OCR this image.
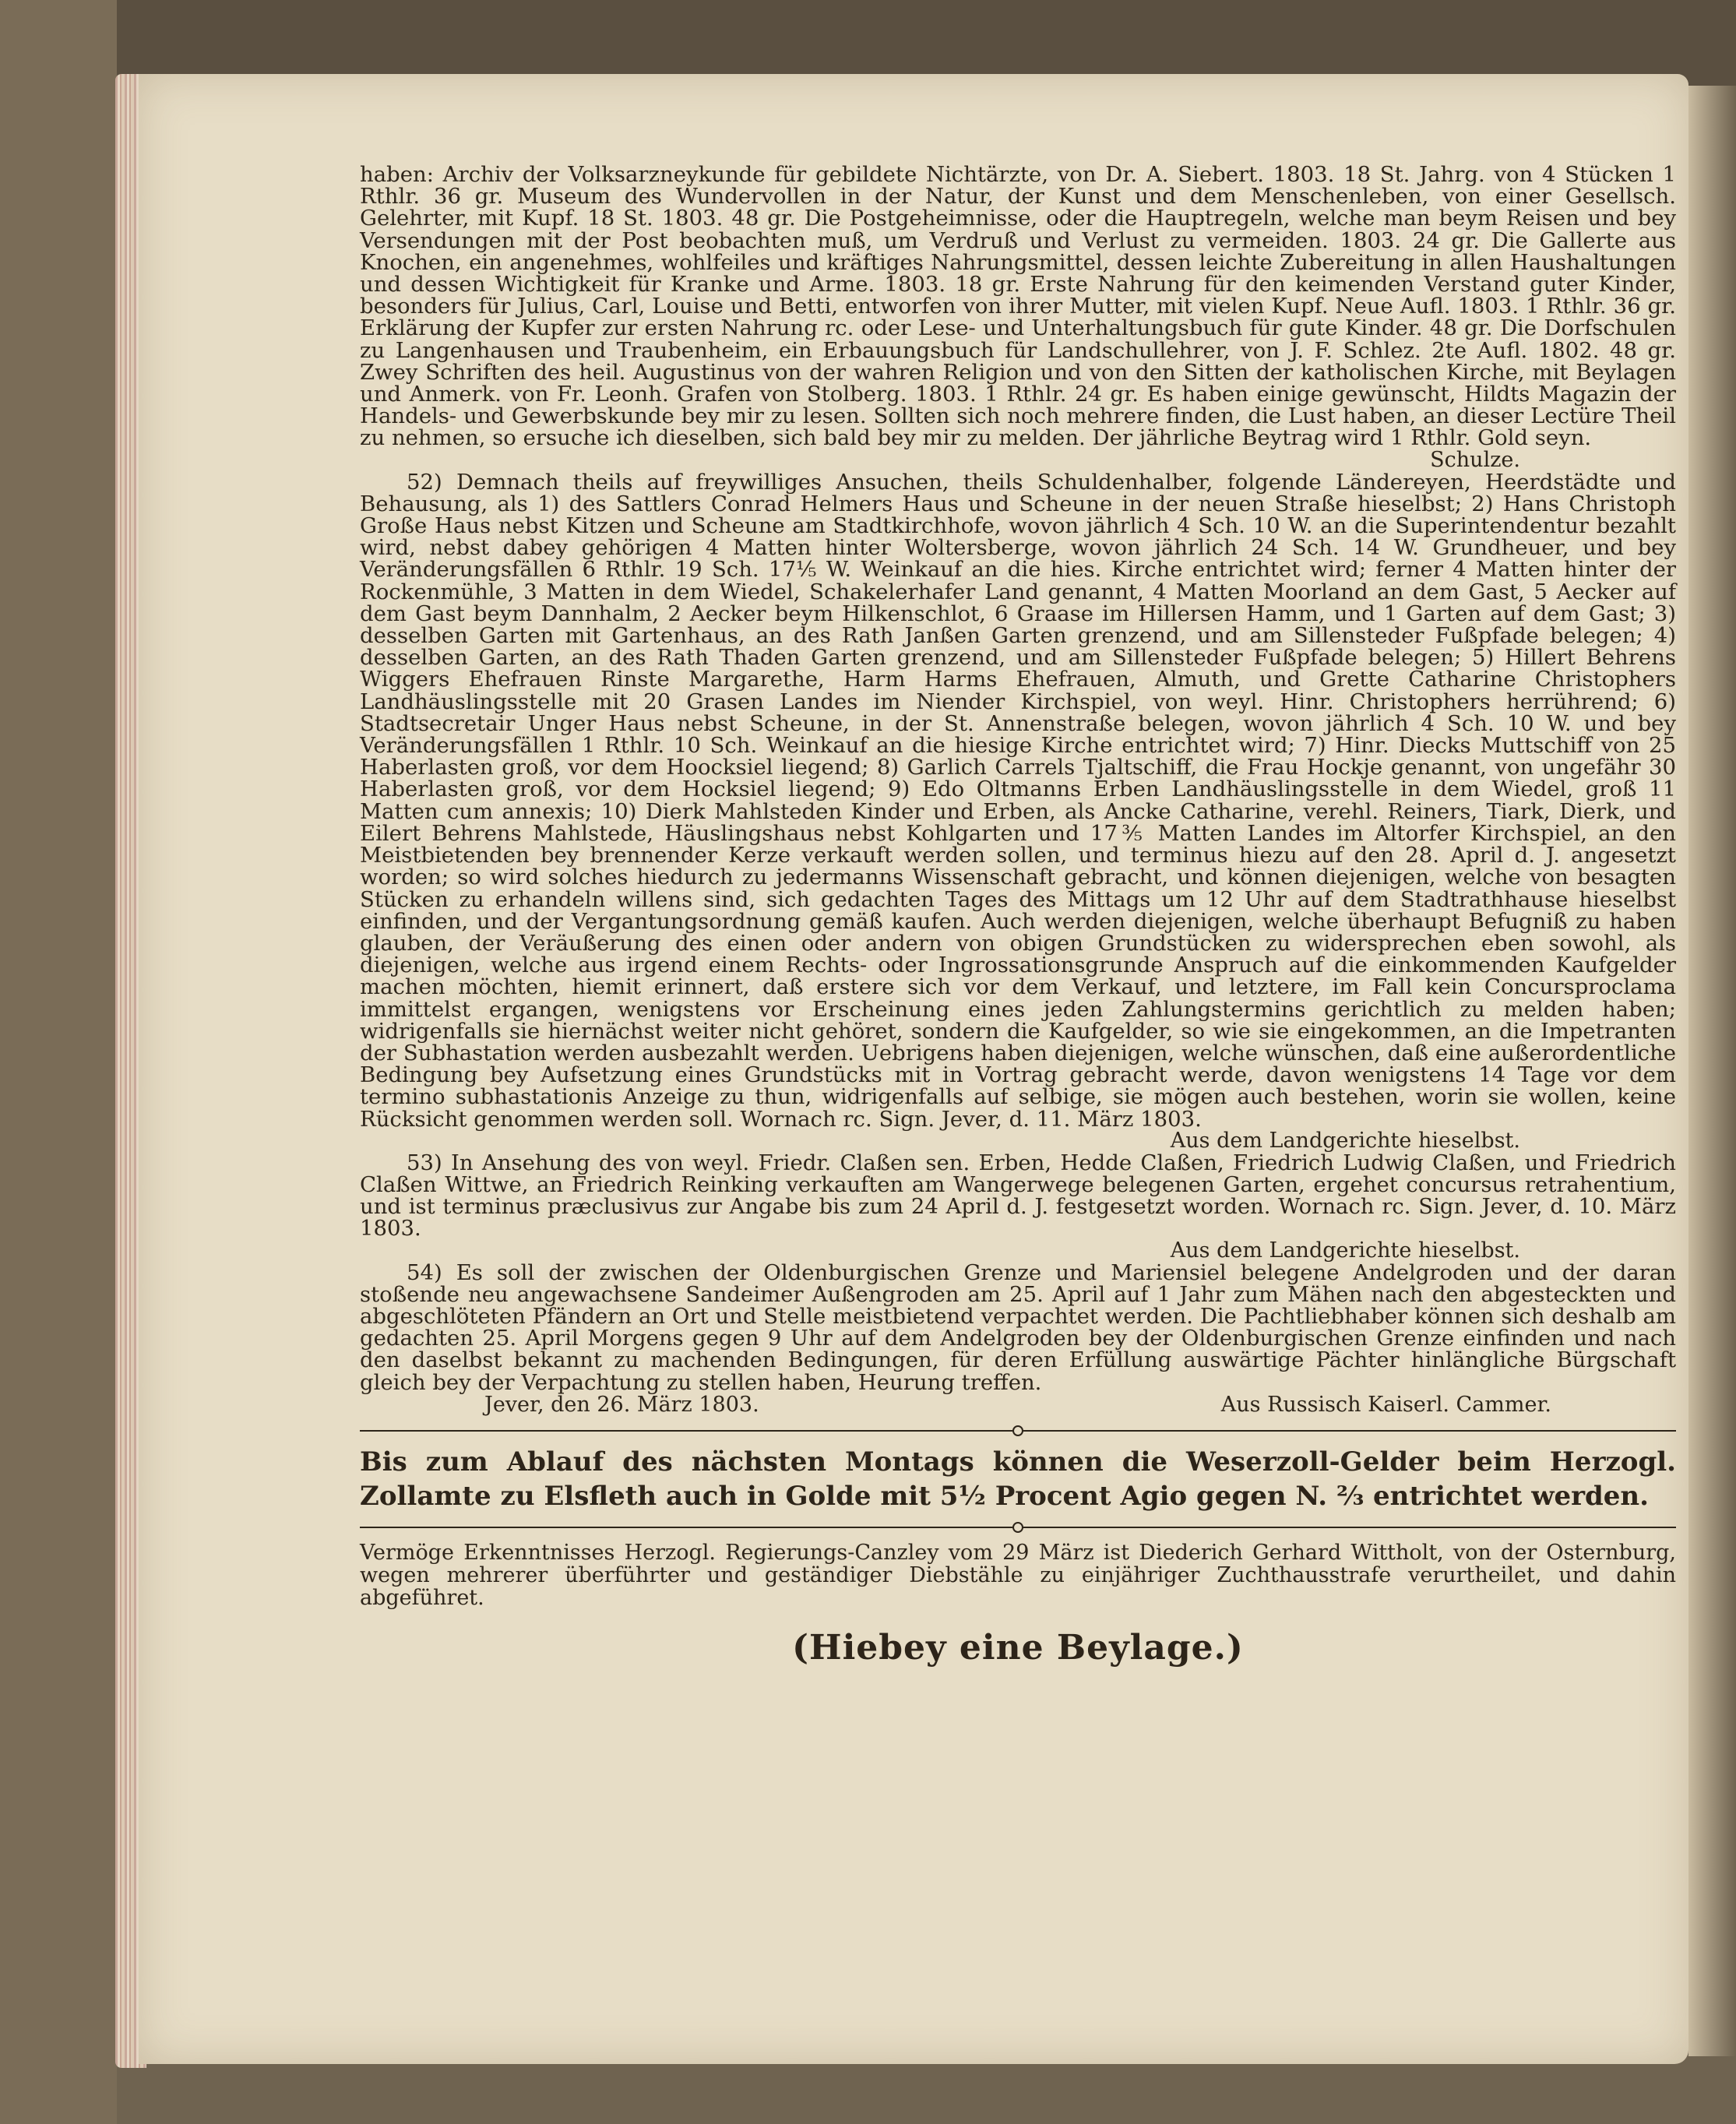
haben: Archiv der Volksarzneykunde für gebildete Nichtärzte, von Dr. A. Siebert. 1803. 18 St. Jahrg. von 4 Stücken 1 Rthlr. 36 gr. Museum des Wundervollen in der Natur, der Kunst und dem Menschenleben, von einer Gesellsch. Gelehrter, mit Kupf. 18 St. 1803. 48 gr. Die Postgeheimnisse, oder die Hauptregeln, welche man beym Reisen und bey Versendungen mit der Post beobachten muß, um Verdruß und Verlust zu vermeiden. 1803. 24 gr. Die Gallerte aus Knochen, ein angenehmes, wohlfeiles und kräftiges Nahrungsmittel, dessen leichte Zubereitung in allen Haushaltungen und dessen Wichtigkeit für Kranke und Arme. 1803. 18 gr. Erste Nahrung für den keimenden Verstand guter Kinder, besonders für Julius, Carl, Louise und Betti, entworfen von ihrer Mutter, mit vielen Kupf. Neue Aufl. 1803. 1 Rthlr. 36 gr. Erklärung der Kupfer zur ersten Nahrung rc. oder Lese- und Unterhaltungsbuch für gute Kinder. 48 gr. Die Dorfschulen zu Langenhausen und Traubenheim, ein Erbauungsbuch für Landschullehrer, von J. F. Schlez. 2te Aufl. 1802. 48 gr. Zwey Schriften des heil. Augustinus von der wahren Religion und von den Sitten der katholischen Kirche, mit Beylagen und Anmerk. von Fr. Leonh. Grafen von Stolberg. 1803. 1 Rthlr. 24 gr. Es haben einige gewünscht, Hildts Magazin der Handels- und Gewerbskunde bey mir zu lesen. Sollten sich noch mehrere finden, die Lust haben, an dieser Lectüre Theil zu nehmen, so ersuche ich dieselben, sich bald bey mir zu melden. Der jährliche Beytrag wird 1 Rthlr. Gold seyn.

Schulze.

52) Demnach theils auf freywilliges Ansuchen, theils Schuldenhalber, folgende Ländereyen, Heerdstädte und Behausung, als 1) des Sattlers Conrad Helmers Haus und Scheune in der neuen Straße hieselbst; 2) Hans Christoph Große Haus nebst Kitzen und Scheune am Stadtkirchhofe, wovon jährlich 4 Sch. 10 W. an die Superintendentur bezahlt wird, nebst dabey gehörigen 4 Matten hinter Woltersberge, wovon jährlich 24 Sch. 14 W. Grundheuer, und bey Veränderungsfällen 6 Rthlr. 19 Sch. 17⅕ W. Weinkauf an die hies. Kirche entrichtet wird; ferner 4 Matten hinter der Rockenmühle, 3 Matten in dem Wiedel, Schakelerhafer Land genannt, 4 Matten Moorland an dem Gast, 5 Aecker auf dem Gast beym Dannhalm, 2 Aecker beym Hilkenschlot, 6 Graase im Hillersen Hamm, und 1 Garten auf dem Gast; 3) desselben Garten mit Gartenhaus, an des Rath Janßen Garten grenzend, und am Sillensteder Fußpfade belegen; 4) desselben Garten, an des Rath Thaden Garten grenzend, und am Sillensteder Fußpfade belegen; 5) Hillert Behrens Wiggers Ehefrauen Rinste Margarethe, Harm Harms Ehefrauen, Almuth, und Grette Catharine Christophers Landhäuslingsstelle mit 20 Grasen Landes im Niender Kirchspiel, von weyl. Hinr. Christophers herrührend; 6) Stadtsecretair Unger Haus nebst Scheune, in der St. Annenstraße belegen, wovon jährlich 4 Sch. 10 W. und bey Veränderungsfällen 1 Rthlr. 10 Sch. Weinkauf an die hiesige Kirche entrichtet wird; 7) Hinr. Diecks Muttschiff von 25 Haberlasten groß, vor dem Hoocksiel liegend; 8) Garlich Carrels Tjaltschiff, die Frau Hockje genannt, von ungefähr 30 Haberlasten groß, vor dem Hocksiel liegend; 9) Edo Oltmanns Erben Landhäuslingsstelle in dem Wiedel, groß 11 Matten cum annexis; 10) Dierk Mahlsteden Kinder und Erben, als Ancke Catharine, verehl. Reiners, Tiark, Dierk, und Eilert Behrens Mahlstede, Häuslingshaus nebst Kohlgarten und 17⅗ Matten Landes im Altorfer Kirchspiel, an den Meistbietenden bey brennender Kerze verkauft werden sollen, und terminus hiezu auf den 28. April d. J. angesetzt worden; so wird solches hiedurch zu jedermanns Wissenschaft gebracht, und können diejenigen, welche von besagten Stücken zu erhandeln willens sind, sich gedachten Tages des Mittags um 12 Uhr auf dem Stadtrathhause hieselbst einfinden, und der Vergantungsordnung gemäß kaufen. Auch werden diejenigen, welche überhaupt Befugniß zu haben glauben, der Veräußerung des einen oder andern von obigen Grundstücken zu widersprechen eben sowohl, als diejenigen, welche aus irgend einem Rechts- oder Ingrossationsgrunde Anspruch auf die einkommenden Kaufgelder machen möchten, hiemit erinnert, daß erstere sich vor dem Verkauf, und letztere, im Fall kein Concursproclama immittelst ergangen, wenigstens vor Erscheinung eines jeden Zahlungstermins gerichtlich zu melden haben; widrigenfalls sie hiernächst weiter nicht gehöret, sondern die Kaufgelder, so wie sie eingekommen, an die Impetranten der Subhastation werden ausbezahlt werden. Uebrigens haben diejenigen, welche wünschen, daß eine außerordentliche Bedingung bey Aufsetzung eines Grundstücks mit in Vortrag gebracht werde, davon wenigstens 14 Tage vor dem termino subhastationis Anzeige zu thun, widrigenfalls auf selbige, sie mögen auch bestehen, worin sie wollen, keine Rücksicht genommen werden soll. Wornach rc. Sign. Jever, d. 11. März 1803.

Aus dem Landgerichte hieselbst.

53) In Ansehung des von weyl. Friedr. Claßen sen. Erben, Hedde Claßen, Friedrich Ludwig Claßen, und Friedrich Claßen Wittwe, an Friedrich Reinking verkauften am Wangerwege belegenen Garten, ergehet concursus retrahentium, und ist terminus præclusivus zur Angabe bis zum 24 April d. J. festgesetzt worden. Wornach rc. Sign. Jever, d. 10. März 1803.

Aus dem Landgerichte hieselbst.

54) Es soll der zwischen der Oldenburgischen Grenze und Mariensiel belegene Andelgroden und der daran stoßende neu angewachsene Sandeimer Außengroden am 25. April auf 1 Jahr zum Mähen nach den abgesteckten und abgeschlöteten Pfändern an Ort und Stelle meistbietend verpachtet werden. Die Pachtliebhaber können sich deshalb am gedachten 25. April Morgens gegen 9 Uhr auf dem Andelgroden bey der Oldenburgischen Grenze einfinden und nach den daselbst bekannt zu machenden Bedingungen, für deren Erfüllung auswärtige Pächter hinlängliche Bürgschaft gleich bey der Verpachtung zu stellen haben, Heurung treffen.

Jever, den 26. März 1803.	Aus Russisch Kaiserl. Cammer.

Bis zum Ablauf des nächsten Montags können die Weserzoll-Gelder beim Herzogl. Zollamte zu Elsfleth auch in Golde mit 5½ Procent Agio gegen N. ⅔ entrichtet werden.

Vermöge Erkenntnisses Herzogl. Regierungs-Canzley vom 29 März ist Diederich Gerhard Wittholt, von der Osternburg, wegen mehrerer überführter und geständiger Diebstähle zu einjähriger Zuchthausstrafe verurtheilet, und dahin abgeführet.

(Hiebey eine Beylage.)
